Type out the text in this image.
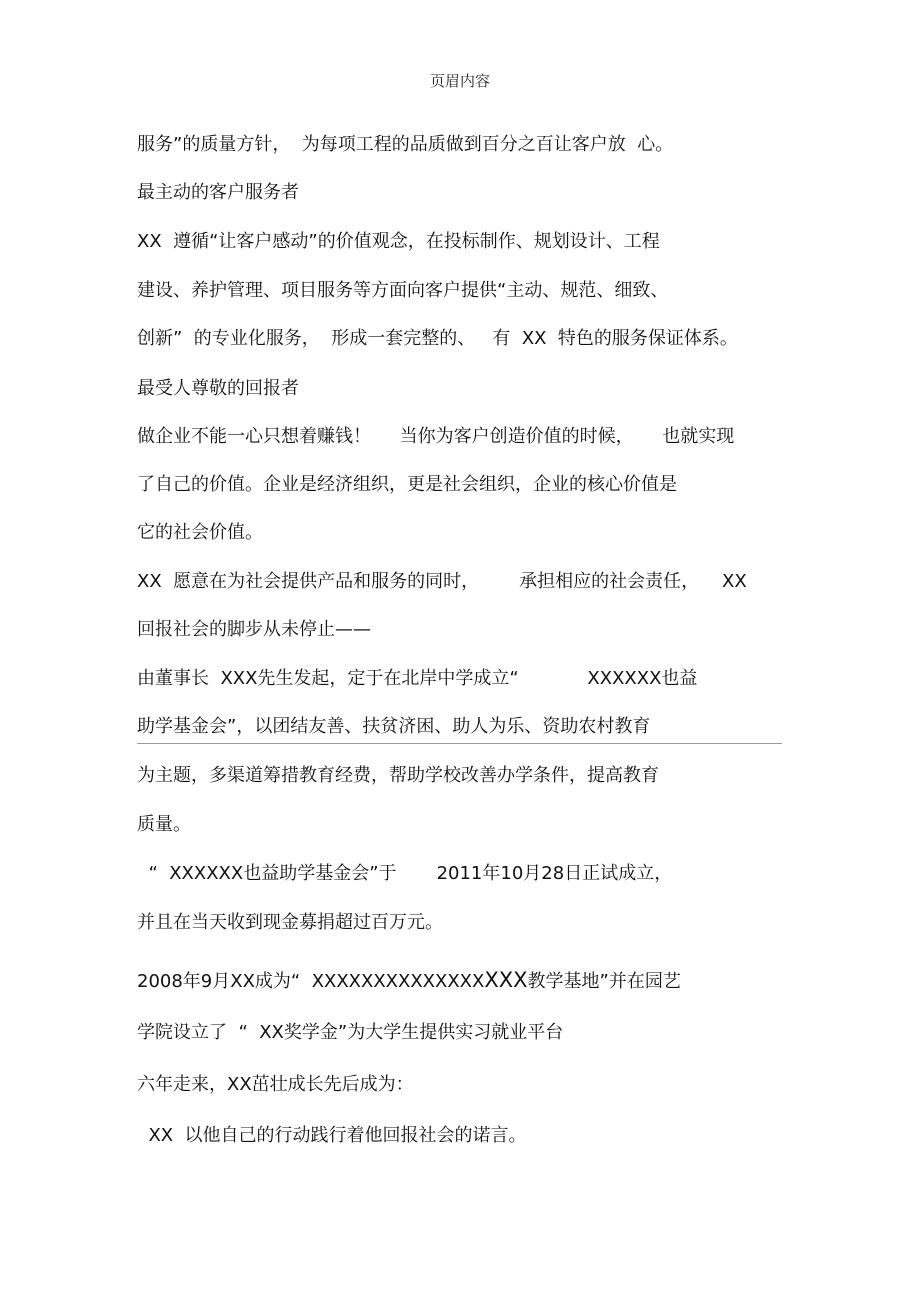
页眉内容
服务”的质量方针，  为每项工程的品质做到百分之百让客户放  心。
最主动的客户服务者
XX  遵循“让客户感动”的价值观念，在投标制作、规划设计、工程
建设、养护管理、项目服务等方面向客户提供“主动、规范、细致、
创新”  的专业化服务，  形成一套完整的、   有  XX  特色的服务保证体系。
最受人尊敬的回报者
做企业不能一心只想着赚钱！     当你为客户创造价值的时候，     也就实现
了自己的价值。企业是经济组织，更是社会组织，企业的核心价值是
它的社会价值。
XX  愿意在为社会提供产品和服务的同时，       承担相应的社会责任，    XX
回报社会的脚步从未停止——
由董事长  XXX先生发起，定于在北岸中学成立“            XXXXXX也益
助学基金会”，以团结友善、扶贫济困、助人为乐、资助农村教育
为主题，多渠道筹措教育经费，帮助学校改善办学条件，提高教育
质量。
“  XXXXXX也益助学基金会”于       2011年10月28日正试成立，
并且在当天收到现金募捐超过百万元。
2008年9月XX成为“  XXXXXXXXXXXXXXXXX教学基地”并在园艺
学院设立了  “  XX奖学金”为大学生提供实习就业平台
六年走来，XX茁壮成长先后成为：
XX  以他自己的行动践行着他回报社会的诺言。
